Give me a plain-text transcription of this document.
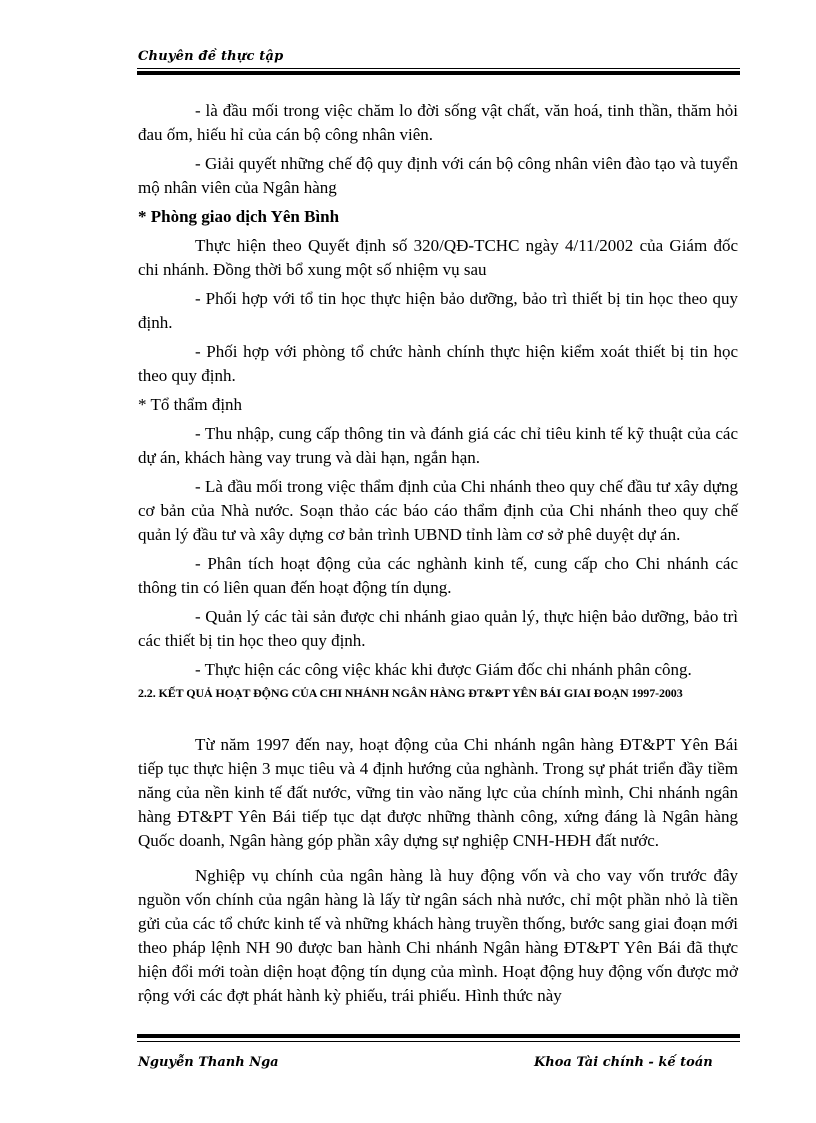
Chuyên đề thực tập

- là đầu mối trong việc chăm lo đời sống vật chất, văn hoá, tinh thần, thăm hỏi đau ốm, hiếu hỉ của cán bộ công nhân viên.

- Giải quyết những chế độ quy định với cán bộ công nhân viên đào tạo và tuyển mộ nhân viên của Ngân hàng

* Phòng giao dịch Yên Bình

Thực hiện theo Quyết định số 320/QĐ-TCHC ngày 4/11/2002 của Giám đốc chi nhánh. Đồng thời bổ xung một số nhiệm vụ sau

- Phối hợp với tổ tin học thực hiện bảo dưỡng, bảo trì thiết bị tin học theo quy định.

- Phối hợp với phòng tổ chức hành chính thực hiện kiểm xoát thiết bị tin học theo quy định.

* Tổ thẩm định

- Thu nhập, cung cấp thông tin và đánh giá các chỉ tiêu kinh tế kỹ thuật của các dự án, khách hàng vay trung và dài hạn, ngắn hạn.

- Là đầu mối trong việc thẩm định của Chi nhánh theo quy chế đầu tư xây dựng cơ bản của Nhà nước. Soạn thảo các báo cáo thẩm định của Chi nhánh theo quy chế quản lý đầu tư và xây dựng cơ bản trình UBND tỉnh làm cơ sở phê duyệt dự án.

- Phân tích hoạt động của các nghành kinh tế, cung cấp cho Chi nhánh các thông tin có liên quan đến hoạt động tín dụng.

- Quản lý các tài sản được chi nhánh giao quản lý, thực hiện bảo dưỡng, bảo trì các thiết bị tin học theo quy định.

- Thực hiện các công việc khác khi được Giám đốc chi nhánh phân công.

2.2. KẾT QUẢ HOẠT ĐỘNG CỦA CHI NHÁNH NGÂN HÀNG ĐT&PT YÊN BÁI GIAI ĐOẠN 1997-2003

Từ năm 1997 đến nay, hoạt động của Chi nhánh ngân hàng ĐT&PT Yên Bái tiếp tục thực hiện 3 mục tiêu và 4 định hướng của nghành. Trong sự phát triển đầy tiềm năng của nền kinh tế đất nước, vững tin vào năng lực của chính mình, Chi nhánh ngân hàng ĐT&PT Yên Bái tiếp tục dạt được những thành công, xứng đáng là Ngân hàng Quốc doanh, Ngân hàng góp phần xây dựng sự nghiệp CNH-HĐH đất nước.

Nghiệp vụ chính của ngân hàng là huy động vốn và cho vay vốn trước đây nguồn vốn chính của ngân hàng là lấy từ ngân sách nhà nước, chỉ một phần nhỏ là tiền gửi của các tổ chức kinh tế và những khách hàng truyền thống, bước sang giai đoạn mới theo pháp lệnh NH 90 được ban hành Chi nhánh Ngân hàng ĐT&PT Yên Bái đã thực hiện đổi mới toàn diện hoạt động tín dụng của mình. Hoạt động huy động vốn được mở rộng với các đợt phát hành kỳ phiếu, trái phiếu. Hình thức này

Nguyễn Thanh Nga	Khoa Tài chính - kế toán
